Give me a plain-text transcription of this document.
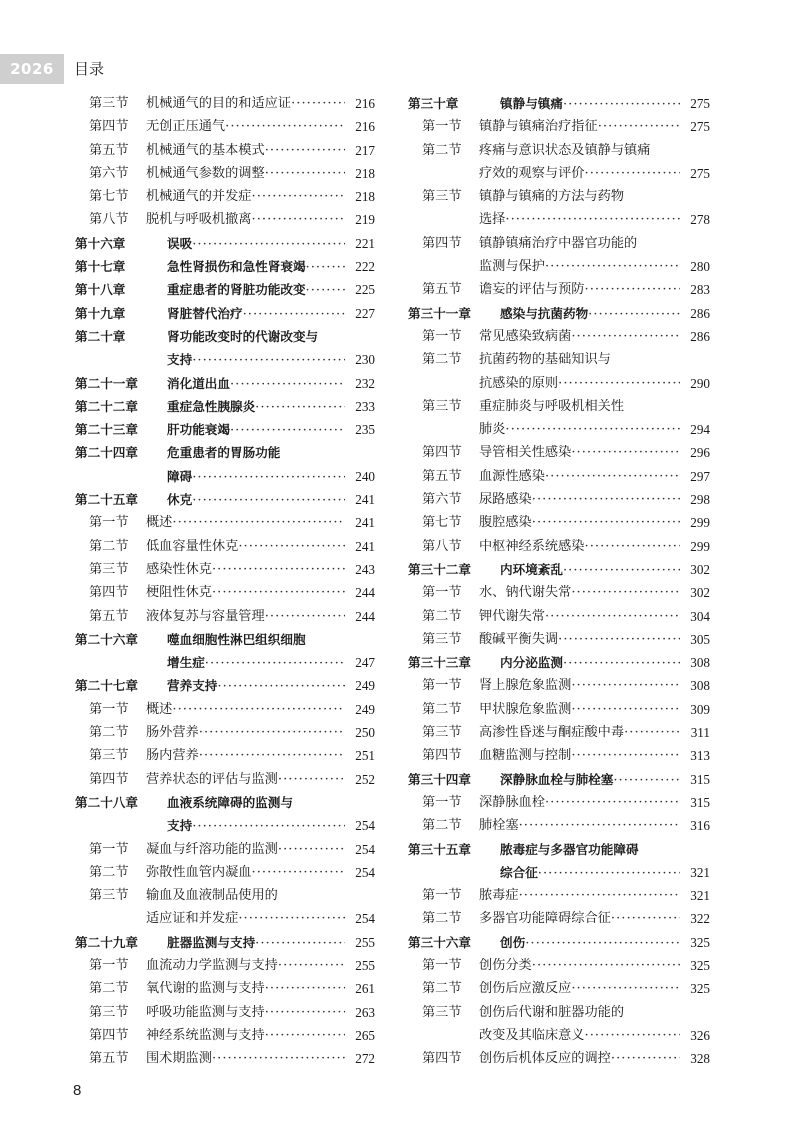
2026	目录
第三节 机械通气的目的和适应证 ·····	216
第四节 无创正压通气 ·····	216
第五节 机械通气的基本模式 ·····	217
第六节 机械通气参数的调整 ·····	218
第七节 机械通气的并发症 ·····	218
第八节 脱机与呼吸机撤离 ·····	219
第十六章	误吸 ·····	221
第十七章	急性肾损伤和急性肾衰竭 ·····	222
第十八章	重症患者的肾脏功能改变 ·····	225
第十九章	肾脏替代治疗 ·····	227
第二十章	肾功能改变时的代谢改变与
支持 ·····	230
第二十一章 消化道出血 ·····	232
第二十二章 重症急性胰腺炎 ·····	233
第二十三章 肝功能衰竭 ·····	235
第二十四章 危重患者的胃肠功能
障碍 ·····	240
第二十五章 休克 ·····	241
第一节 概述 ·····	241
第二节 低血容量性休克 ·····	241
第三节 感染性休克 ·····	243
第四节 梗阻性休克 ·····	244
第五节 液体复苏与容量管理 ·····	244
第二十六章 噬血细胞性淋巴组织细胞
增生症 ·····	247
第二十七章 营养支持 ·····	249
第一节 概述 ·····	249
第二节 肠外营养 ·····	250
第三节 肠内营养 ·····	251
第四节 营养状态的评估与监测 ·····	252
第二十八章 血液系统障碍的监测与
支持 ·····	254
第一节 凝血与纤溶功能的监测 ·····	254
第二节 弥散性血管内凝血 ·····	254
第三节 输血及血液制品使用的
适应证和并发症 ·····	254
第二十九章 脏器监测与支持 ·····	255
第一节 血流动力学监测与支持 ·····	255
第二节 氧代谢的监测与支持 ·····	261
第三节 呼吸功能监测与支持 ·····	263
第四节 神经系统监测与支持 ·····	265
第五节 围术期监测 ·····	272
第三十章	镇静与镇痛 ·····	275
第一节 镇静与镇痛治疗指征 ·····	275
第二节 疼痛与意识状态及镇静与镇痛
疗效的观察与评价 ·····	275
第三节 镇静与镇痛的方法与药物
选择 ·····	278
第四节 镇静镇痛治疗中器官功能的
监测与保护 ·····	280
第五节 谵妄的评估与预防 ·····	283
第三十一章 感染与抗菌药物 ·····	286
第一节 常见感染致病菌 ·····	286
第二节 抗菌药物的基础知识与
抗感染的原则 ·····	290
第三节 重症肺炎与呼吸机相关性
肺炎 ·····	294
第四节 导管相关性感染 ·····	296
第五节 血源性感染 ·····	297
第六节 尿路感染 ·····	298
第七节 腹腔感染 ·····	299
第八节 中枢神经系统感染 ·····	299
第三十二章 内环境紊乱 ·····	302
第一节 水、钠代谢失常 ·····	302
第二节 钾代谢失常 ·····	304
第三节 酸碱平衡失调 ·····	305
第三十三章 内分泌监测 ·····	308
第一节 肾上腺危象监测 ·····	308
第二节 甲状腺危象监测 ·····	309
第三节 高渗性昏迷与酮症酸中毒 ·····	311
第四节 血糖监测与控制 ·····	313
第三十四章 深静脉血栓与肺栓塞 ·····	315
第一节 深静脉血栓 ·····	315
第二节 肺栓塞 ·····	316
第三十五章 脓毒症与多器官功能障碍
综合征 ·····	321
第一节 脓毒症 ·····	321
第二节 多器官功能障碍综合征 ·····	322
第三十六章 创伤 ·····	325
第一节 创伤分类 ·····	325
第二节 创伤后应激反应 ·····	325
第三节 创伤后代谢和脏器功能的
改变及其临床意义 ·····	326
第四节 创伤后机体反应的调控 ·····	328
8
